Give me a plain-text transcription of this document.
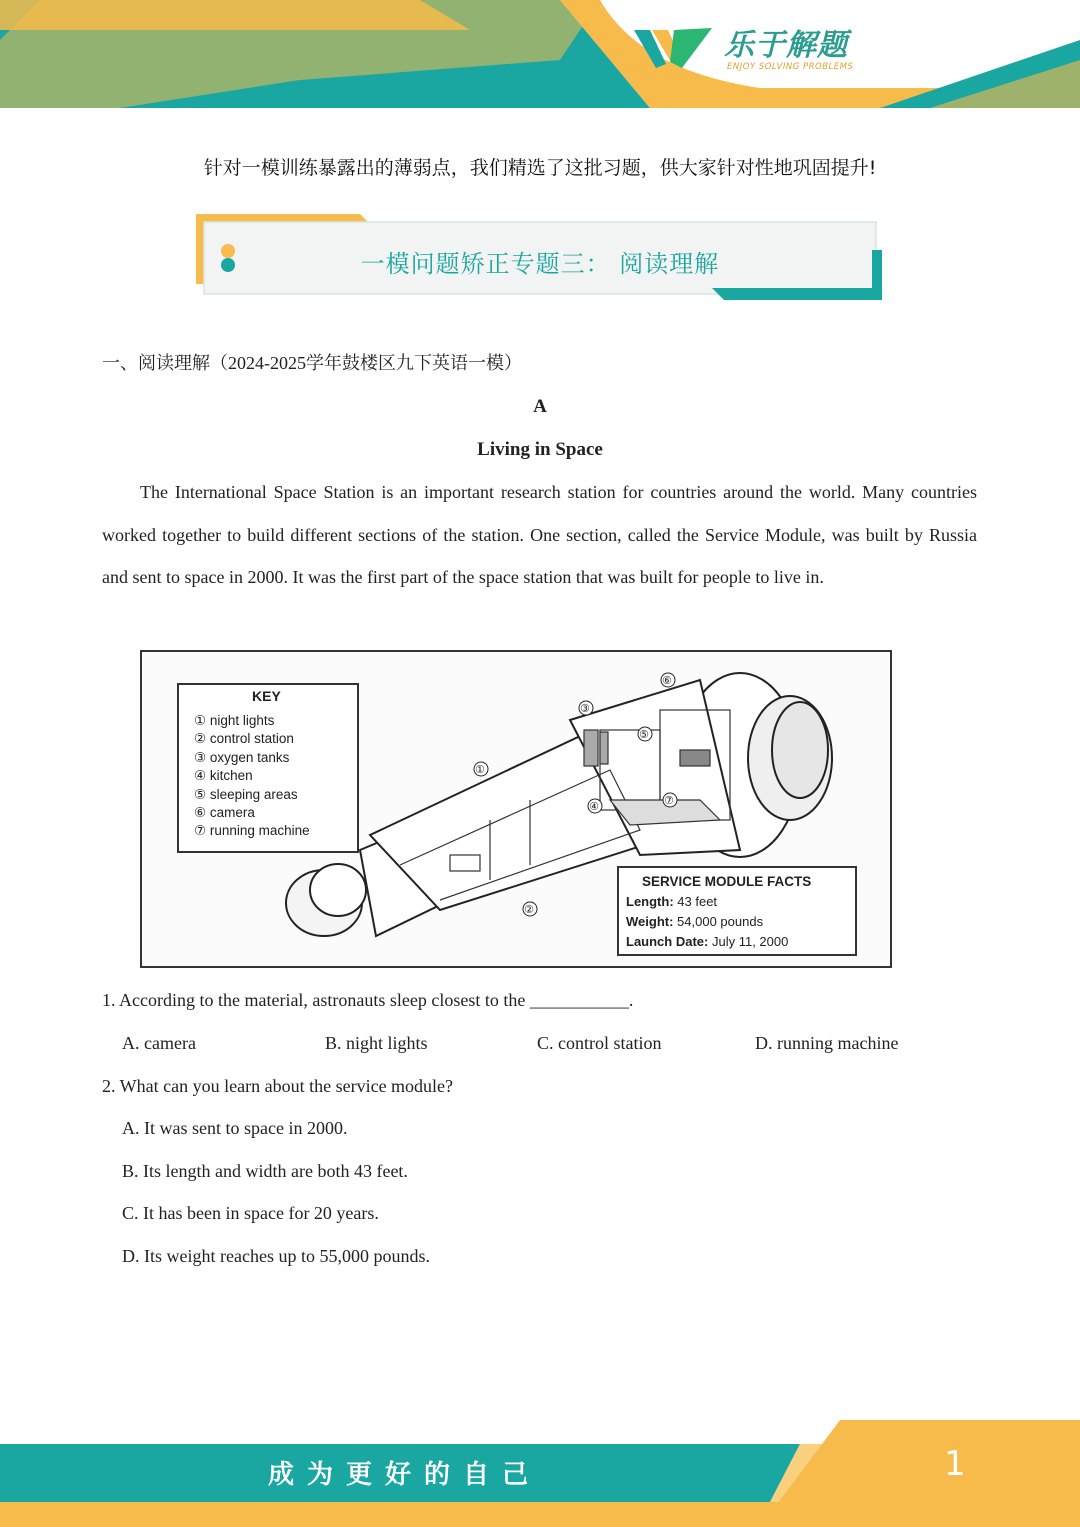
乐于解题
ENJOY SOLVING PROBLEMS
针对一模训练暴露出的薄弱点，我们精选了这批习题，供大家针对性地巩固提升!
一模问题矫正专题三： 阅读理解
一、阅读理解（2024-2025学年鼓楼区九下英语一模）
A
Living in Space

The International Space Station is an important research station for countries around the world. Many countries worked together to build different sections of the station. One section, called the Service Module, was built by Russia and sent to space in 2000. It was the first part of the space station that was built for people to live in.

①
②
③
④
⑤
⑥
⑦
KEY
① night lights
② control station
③ oxygen tanks
④ kitchen
⑤ sleeping areas
⑥ camera
⑦ running machine
SERVICE MODULE FACTS
Length: 43 feet
Weight: 54,000 pounds
Launch Date: July 11, 2000
1. According to the material, astronauts sleep closest to the ___________.
A. camera	B. night lights	C. control station	D. running machine
2. What can you learn about the service module?
A. It was sent to space in 2000.
B. Its length and width are both 43 feet.
C. It has been in space for 20 years.
D. Its weight reaches up to 55,000 pounds.
成为更好的自己	1
